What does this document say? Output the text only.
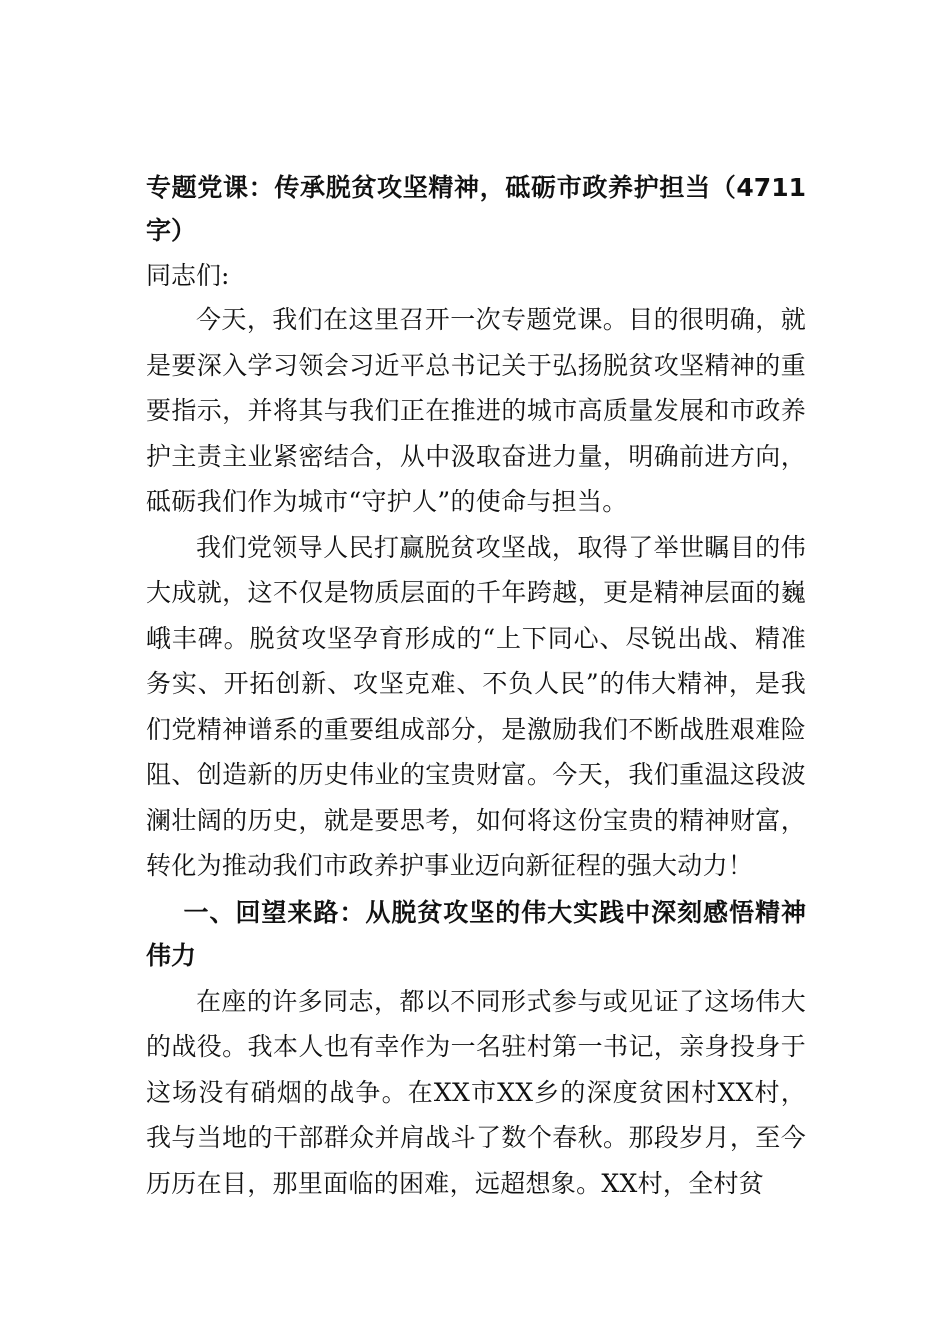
专题党课：传承脱贫攻坚精神，砥砺市政养护担当（4711字）

同志们:

今天，我们在这里召开一次专题党课。目的很明确，就是要深入学习领会习近平总书记关于弘扬脱贫攻坚精神的重要指示，并将其与我们正在推进的城市高质量发展和市政养护主责主业紧密结合，从中汲取奋进力量，明确前进方向，砥砺我们作为城市“守护人”的使命与担当。

我们党领导人民打赢脱贫攻坚战，取得了举世瞩目的伟大成就，这不仅是物质层面的千年跨越，更是精神层面的巍峨丰碑。脱贫攻坚孕育形成的“上下同心、尽锐出战、精准务实、开拓创新、攻坚克难、不负人民”的伟大精神，是我们党精神谱系的重要组成部分，是激励我们不断战胜艰难险阻、创造新的历史伟业的宝贵财富。今天，我们重温这段波澜壮阔的历史，就是要思考，如何将这份宝贵的精神财富，转化为推动我们市政养护事业迈向新征程的强大动力！

一、回望来路：从脱贫攻坚的伟大实践中深刻感悟精神伟力

在座的许多同志，都以不同形式参与或见证了这场伟大的战役。我本人也有幸作为一名驻村第一书记，亲身投身于这场没有硝烟的战争。在XX市XX乡的深度贫困村XX村，我与当地的干部群众并肩战斗了数个春秋。那段岁月，至今历历在目，那里面临的困难，远超想象。XX村，全村贫
